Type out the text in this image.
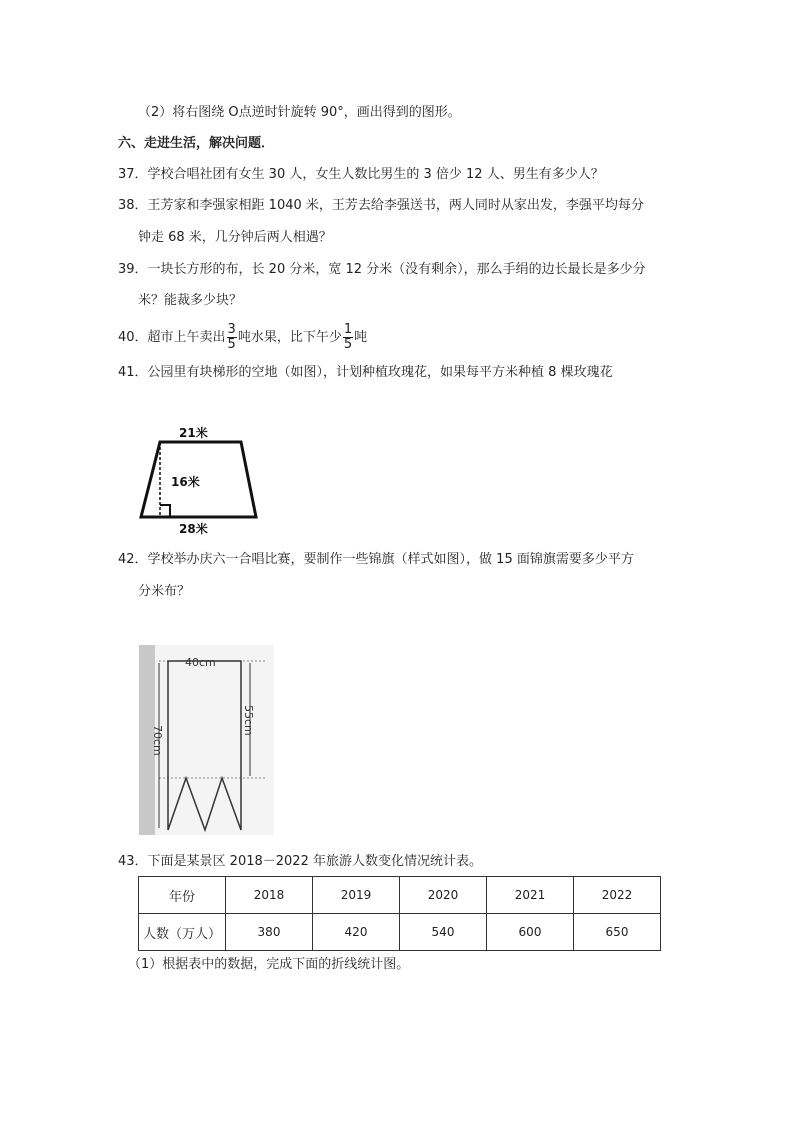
（2）将右图绕 O点逆时针旋转 90°，画出得到的图形。
六、走进生活，解决问题．
37．学校合唱社团有女生 30 人，女生人数比男生的 3 倍少 12 人、男生有多少人？
38．王芳家和李强家相距 1040 米，王芳去给李强送书，两人同时从家出发，李强平均每分
钟走 68 米，几分钟后两人相遇？
39．一块长方形的布，长 20 分米，宽 12 分米（没有剩余），那么手绢的边长最长是多少分
米？能裁多少块？
40．超市上午卖出 $\frac{3}{5}$ 吨水果，比下午少 $\frac{1}{5}$ 吨
41．公园里有块梯形的空地（如图），计划种植玫瑰花，如果每平方米种植 8 棵玫瑰花
21米
16米
28米
42．学校举办庆六一合唱比赛，要制作一些锦旗（样式如图），做 15 面锦旗需要多少平方
分米布？
40cm
70cm
55cm
43．下面是某景区 2018－2022 年旅游人数变化情况统计表。
年份	2018	2019	2020	2021	2022
人数（万人）	380	420	540	600	650
（1）根据表中的数据，完成下面的折线统计图。
